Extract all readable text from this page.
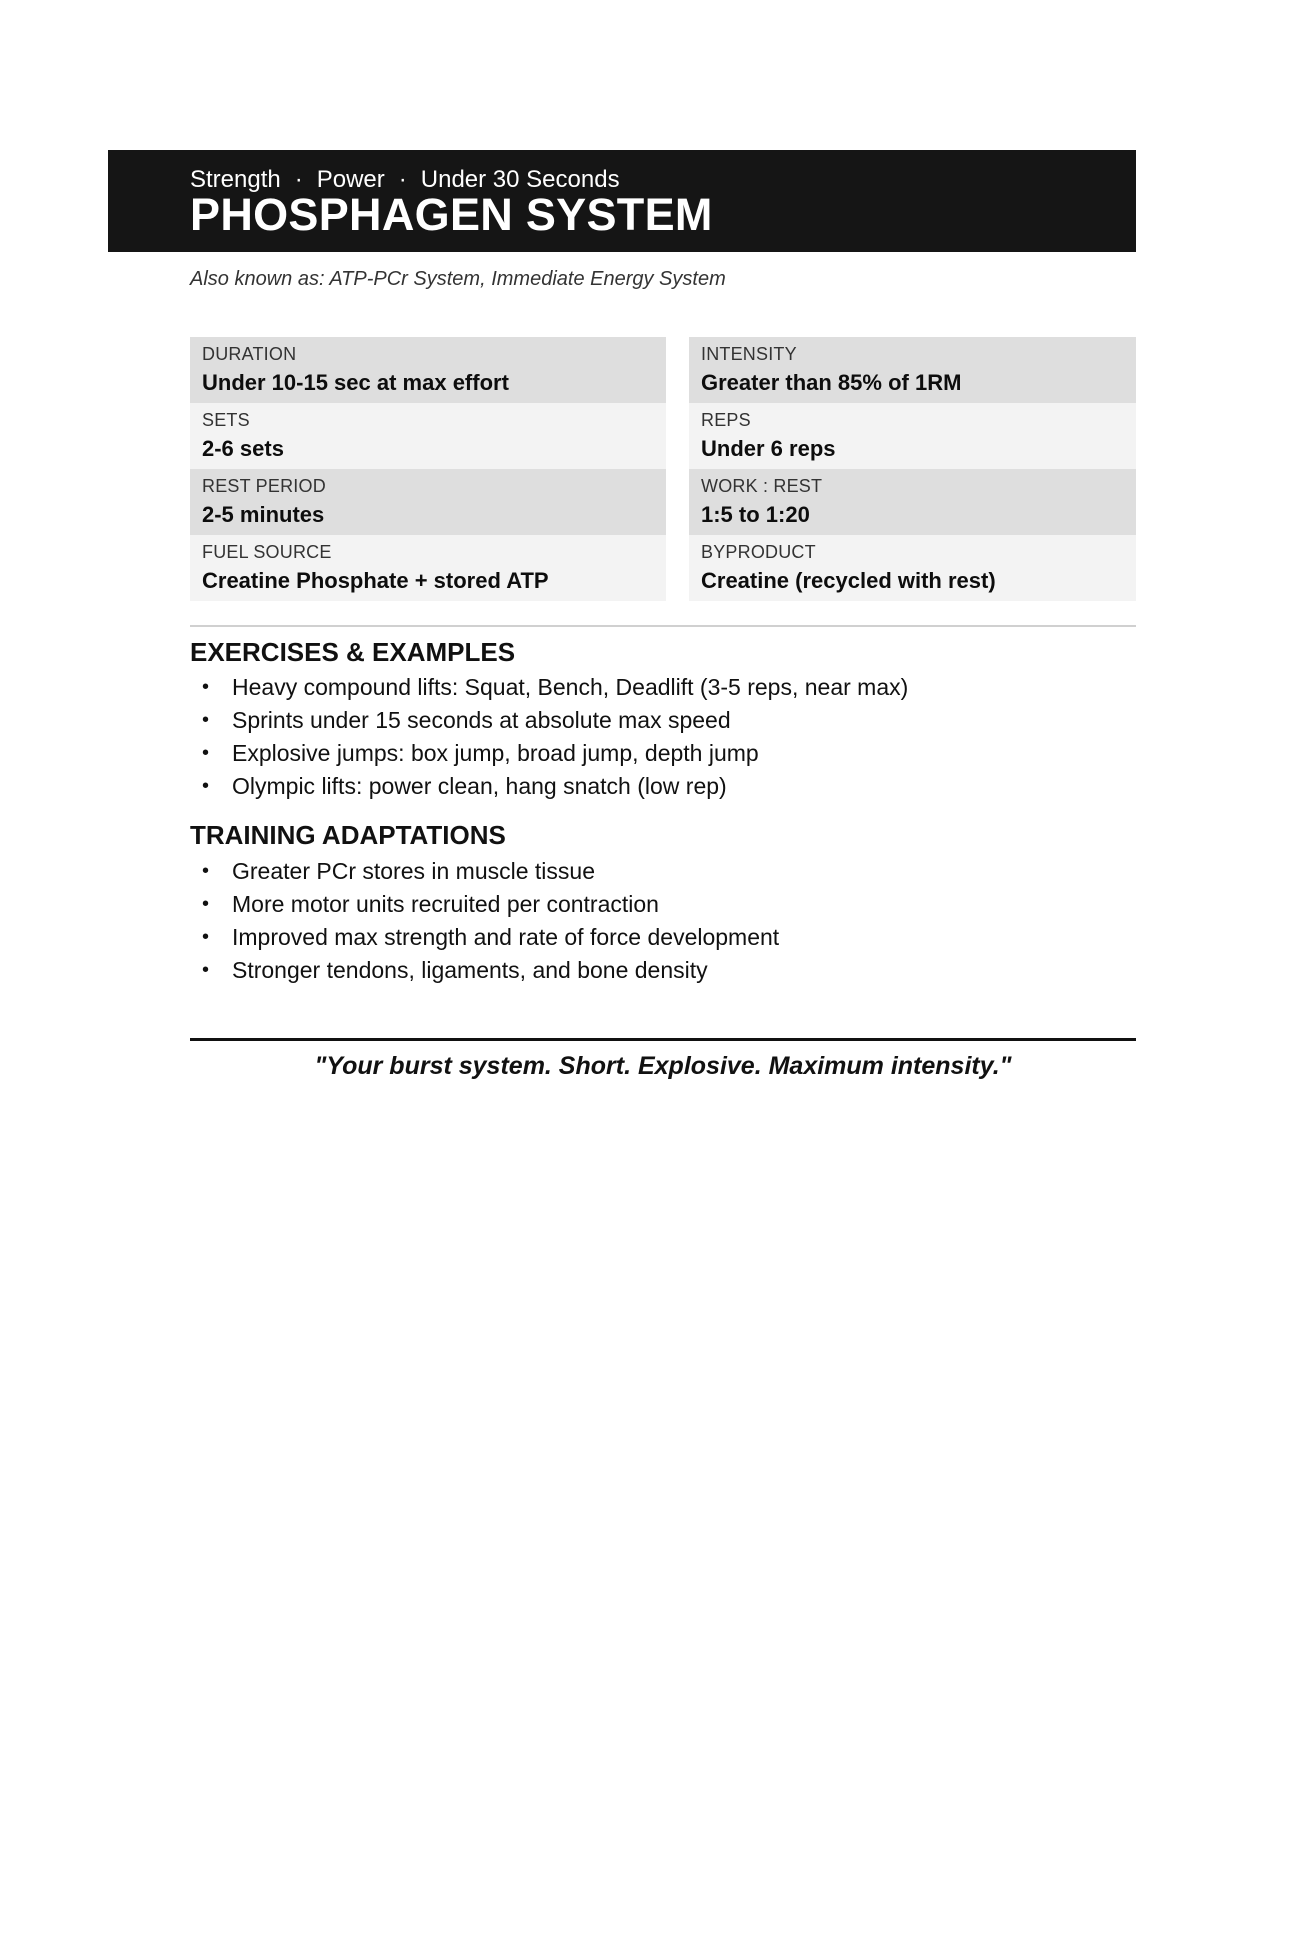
Strength · Power · Under 30 Seconds
PHOSPHAGEN SYSTEM
Also known as: ATP-PCr System, Immediate Energy System
DURATION
Under 10-15 sec at max effort
SETS
2-6 sets
REST PERIOD
2-5 minutes
FUEL SOURCE
Creatine Phosphate + stored ATP
INTENSITY
Greater than 85% of 1RM
REPS
Under 6 reps
WORK : REST
1:5 to 1:20
BYPRODUCT
Creatine (recycled with rest)
EXERCISES & EXAMPLES
• Heavy compound lifts: Squat, Bench, Deadlift (3-5 reps, near max)
• Sprints under 15 seconds at absolute max speed
• Explosive jumps: box jump, broad jump, depth jump
• Olympic lifts: power clean, hang snatch (low rep)
TRAINING ADAPTATIONS
• Greater PCr stores in muscle tissue
• More motor units recruited per contraction
• Improved max strength and rate of force development
• Stronger tendons, ligaments, and bone density
"Your burst system. Short. Explosive. Maximum intensity."
